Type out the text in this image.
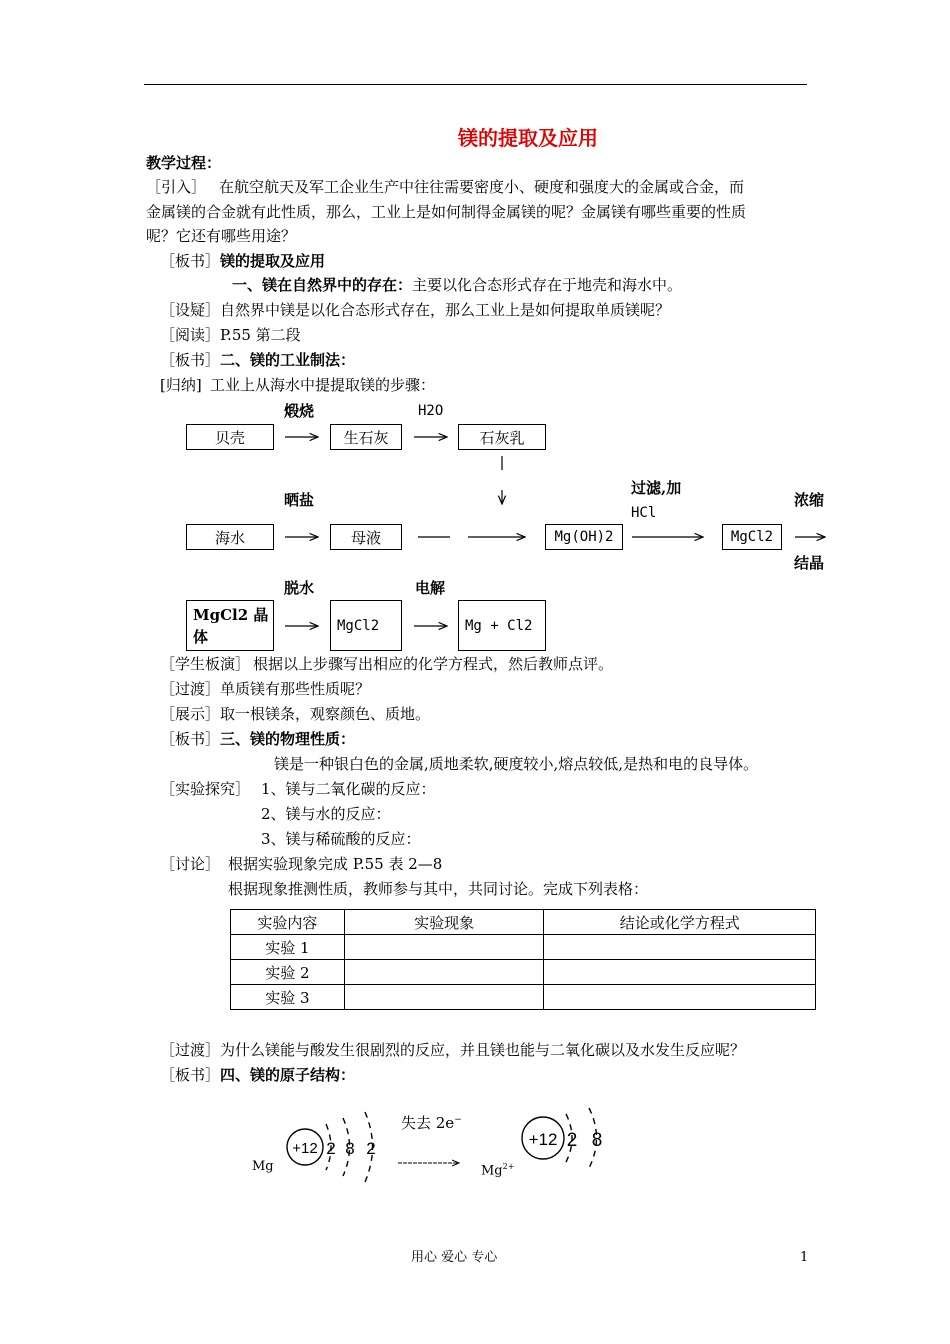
镁的提取及应用
教学过程：
［引入］ 在航空航天及军工企业生产中往往需要密度小、硬度和强度大的金属或合金，而
金属镁的合金就有此性质，那么，工业上是如何制得金属镁的呢？金属镁有哪些重要的性质
呢？它还有哪些用途？
［板书］ 镁的提取及应用
一、镁在自然界中的存在：主要以化合态形式存在于地壳和海水中。
［设疑］ 自然界中镁是以化合态形式存在，那么工业上是如何提取单质镁呢？
［阅读］ P.55 第二段
［板书］ 二、镁的工业制法：
[归纳] 工业上从海水中提提取镁的步骤：
煅烧	H2O
贝壳	生石灰	石灰乳
晒盐
过滤,加
HCl
浓缩
结晶
海水	母液	Mg(OH)2	MgCl2
脱水	电解
MgCl2 晶
体
MgCl2	Mg + Cl2
［学生板演］ 根据以上步骤写出相应的化学方程式，然后教师点评。
［过渡］ 单质镁有那些性质呢？
［展示］ 取一根镁条，观察颜色、质地。
［板书］ 三、镁的物理性质：
镁是一种银白色的金属,质地柔软,硬度较小,熔点较低,是热和电的良导体。
［实验探究］ 1、镁与二氧化碳的反应：
2、镁与水的反应：
3、镁与稀硫酸的反应：
［讨论］ 根据实验现象完成 P.55 表 2—8
根据现象推测性质，教师参与其中，共同讨论。完成下列表格：
实验内容	实验现象	结论或化学方程式
实验 1		
实验 2		
实验 3		
［过渡］ 为什么镁能与酸发生很剧烈的反应，并且镁也能与二氧化碳以及水发生反应呢？
［板书］ 四、镁的原子结构：
Mg
失去 2e−
$Mg^{2+}$
+12 2 8 2	+12 2 8
用心 爱心 专心	1
